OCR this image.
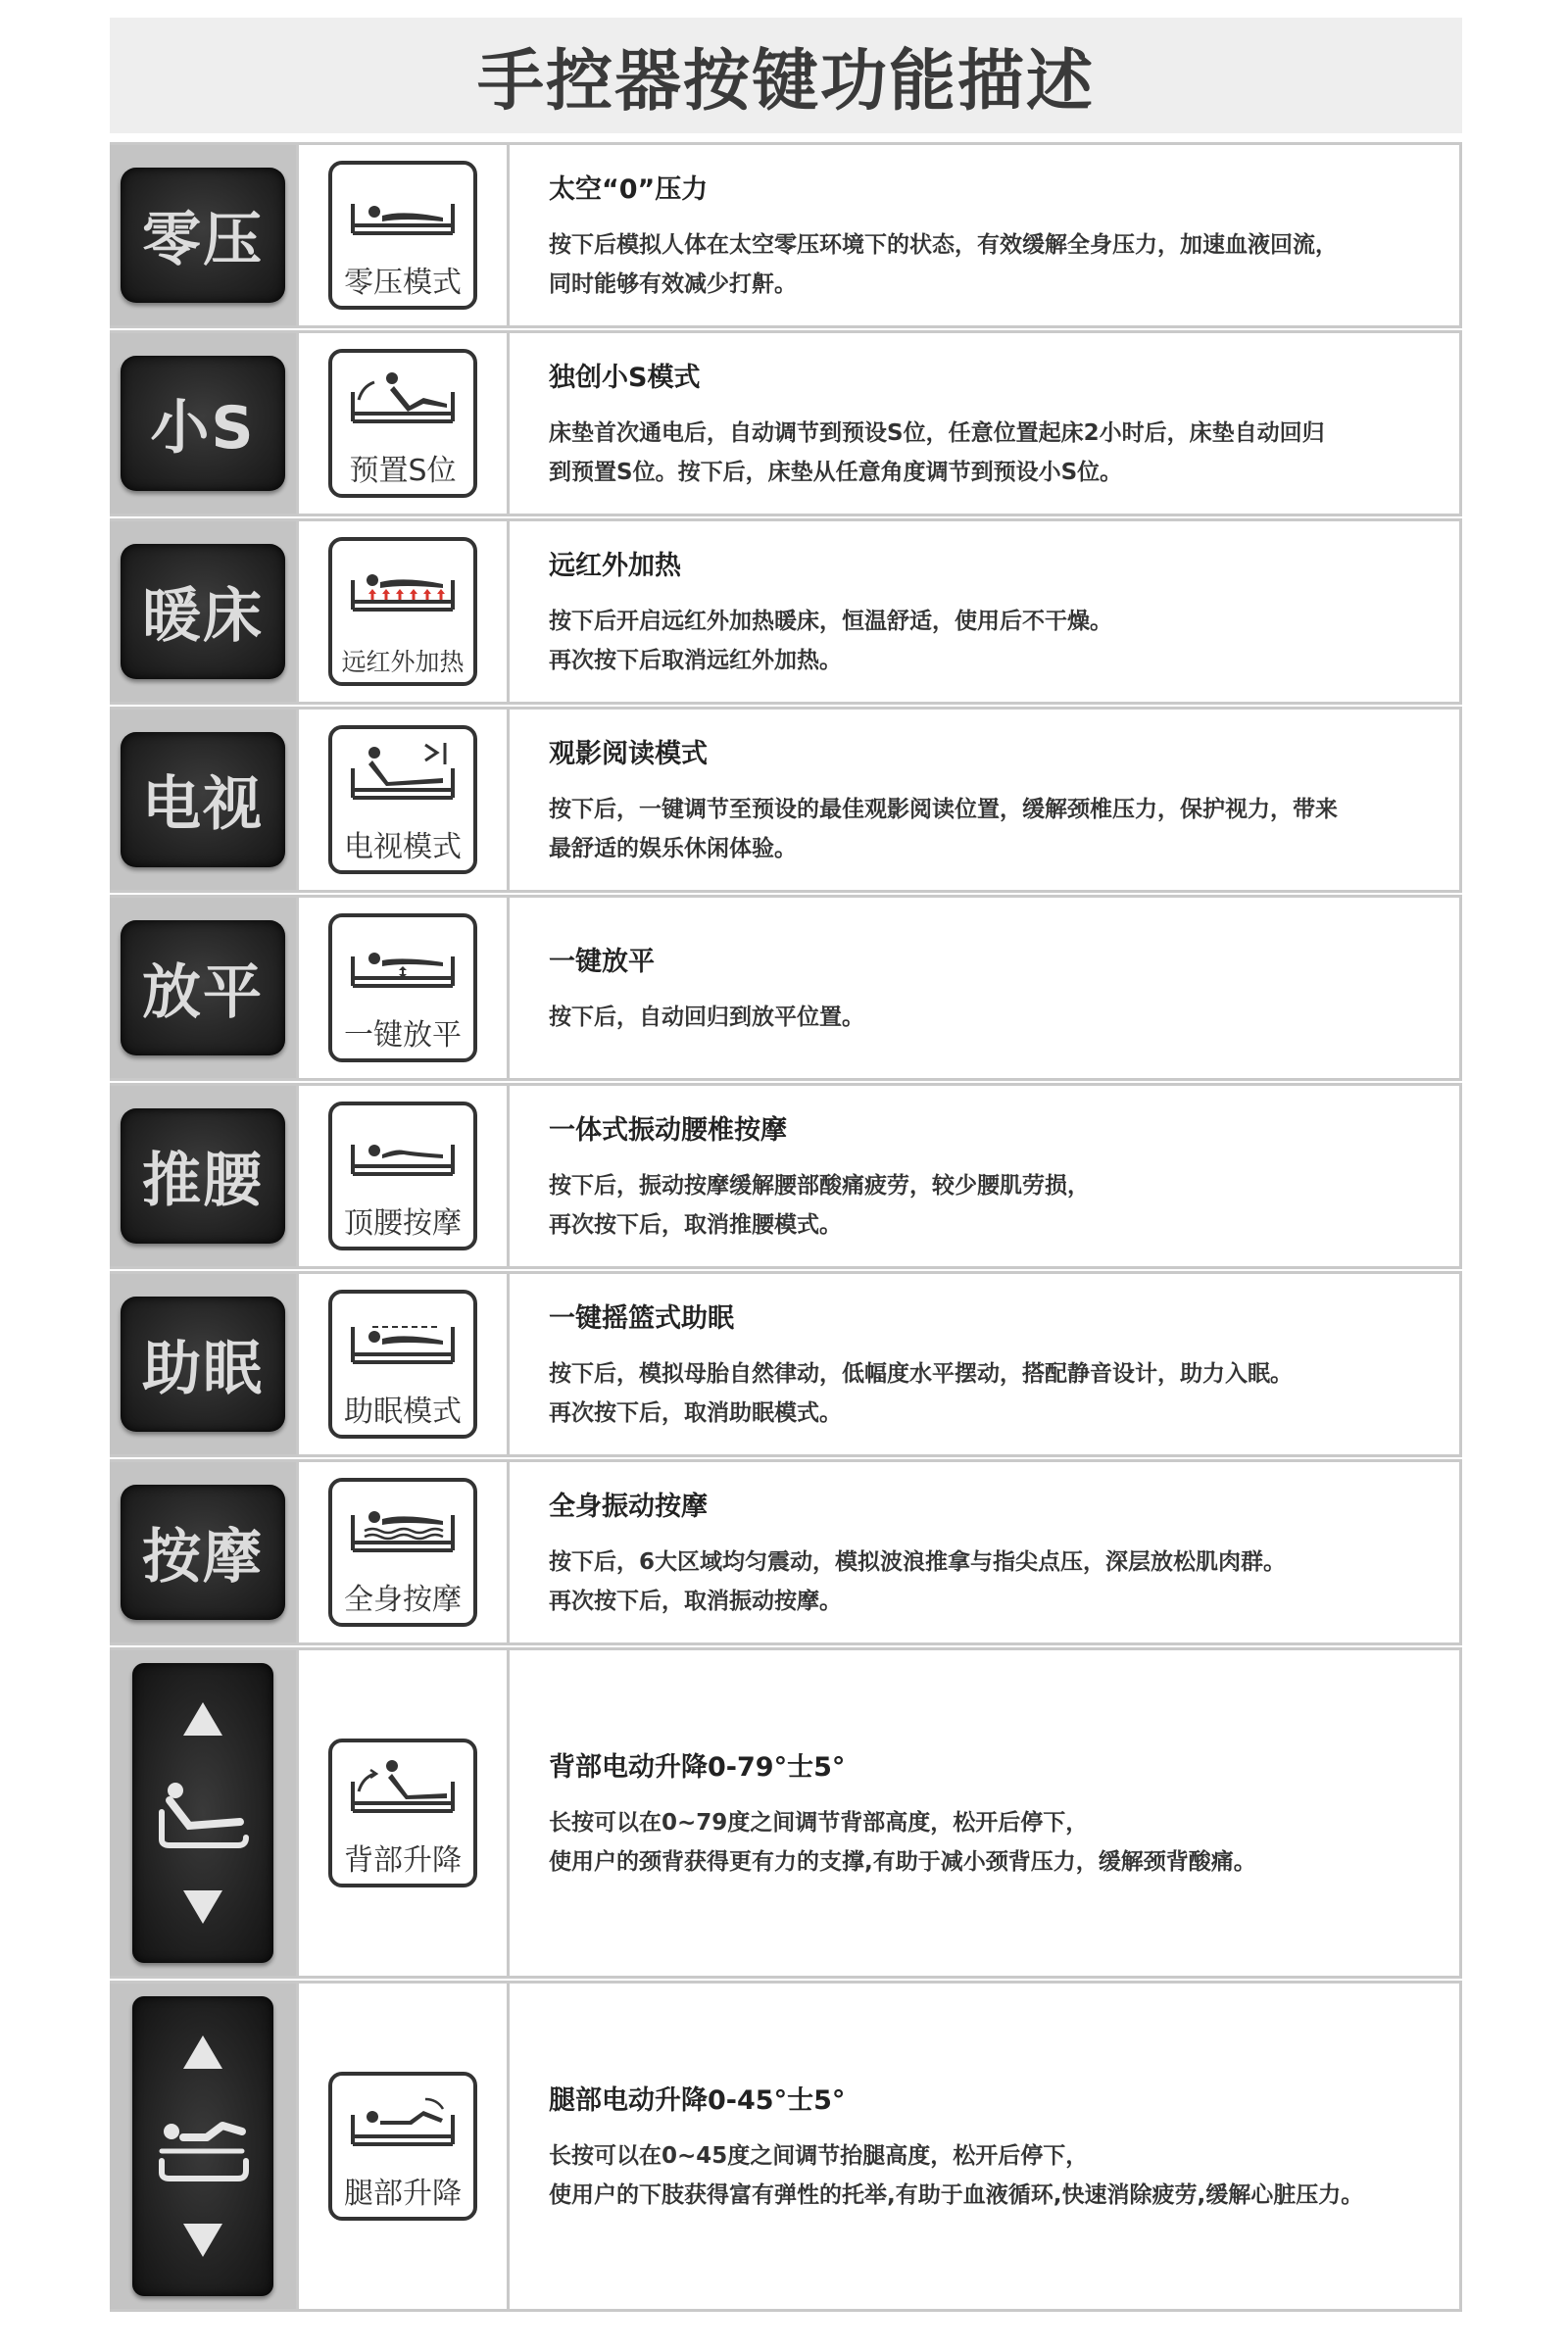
手控器按键功能描述
零压
零压模式
太空“0”压力
按下后模拟人体在太空零压环境下的状态，有效缓解全身压力，加速血液回流，
同时能够有效减少打鼾。
小S
预置S位
独创小S模式
床垫首次通电后，自动调节到预设S位，任意位置起床2小时后，床垫自动回归
到预置S位。按下后，床垫从任意角度调节到预设小S位。
暖床
远红外加热
远红外加热
按下后开启远红外加热暖床，恒温舒适，使用后不干燥。
再次按下后取消远红外加热。
电视
电视模式
观影阅读模式
按下后，一键调节至预设的最佳观影阅读位置，缓解颈椎压力，保护视力，带来
最舒适的娱乐休闲体验。
放平
一键放平
一键放平
按下后，自动回归到放平位置。
推腰
顶腰按摩
一体式振动腰椎按摩
按下后，振动按摩缓解腰部酸痛疲劳，较少腰肌劳损，
再次按下后，取消推腰模式。
助眠
助眠模式
一键摇篮式助眠
按下后，模拟母胎自然律动，低幅度水平摆动，搭配静音设计，助力入眠。
再次按下后，取消助眠模式。
按摩
全身按摩
全身振动按摩
按下后，6大区域均匀震动，模拟波浪推拿与指尖点压，深层放松肌肉群。
再次按下后，取消振动按摩。
背部升降
背部电动升降0-79°士5°
长按可以在0~79度之间调节背部高度，松开后停下，
使用户的颈背获得更有力的支撑,有助于减小颈背压力，缓解颈背酸痛。
腿部升降
腿部电动升降0-45°士5°
长按可以在0~45度之间调节抬腿高度，松开后停下，
使用户的下肢获得富有弹性的托举,有助于血液循环,快速消除疲劳,缓解心脏压力。
